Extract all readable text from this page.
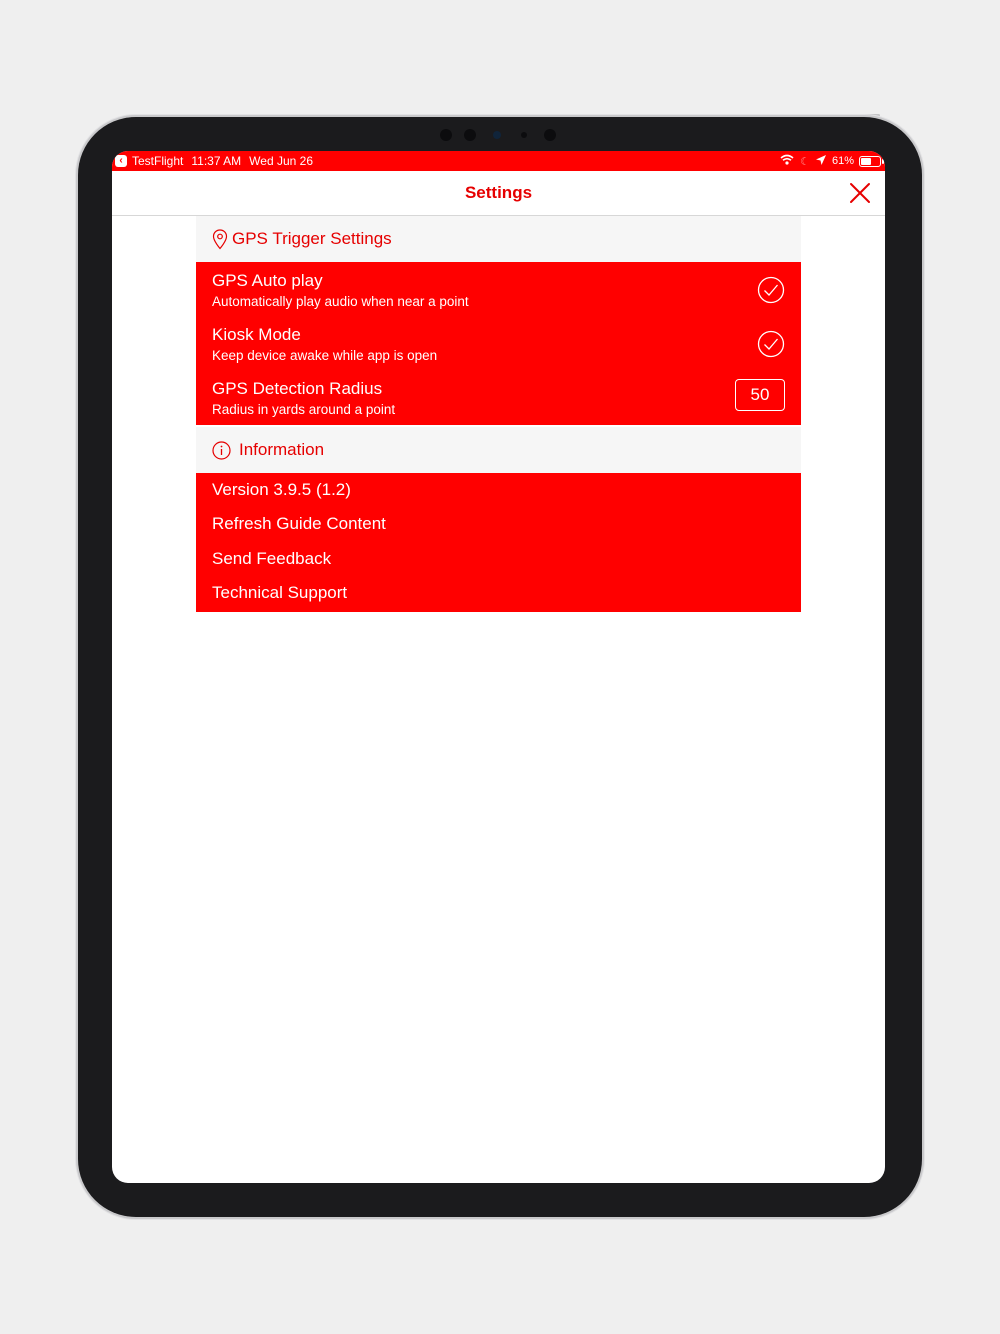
‹ TestFlight 11:37 AM Wed Jun 26	☾ 61%
Settings
GPS Trigger Settings
GPS Auto play
Automatically play audio when near a point
Kiosk Mode
Keep device awake while app is open
GPS Detection Radius
Radius in yards around a point
50
Information
Version 3.9.5 (1.2)
Refresh Guide Content
Send Feedback
Technical Support
